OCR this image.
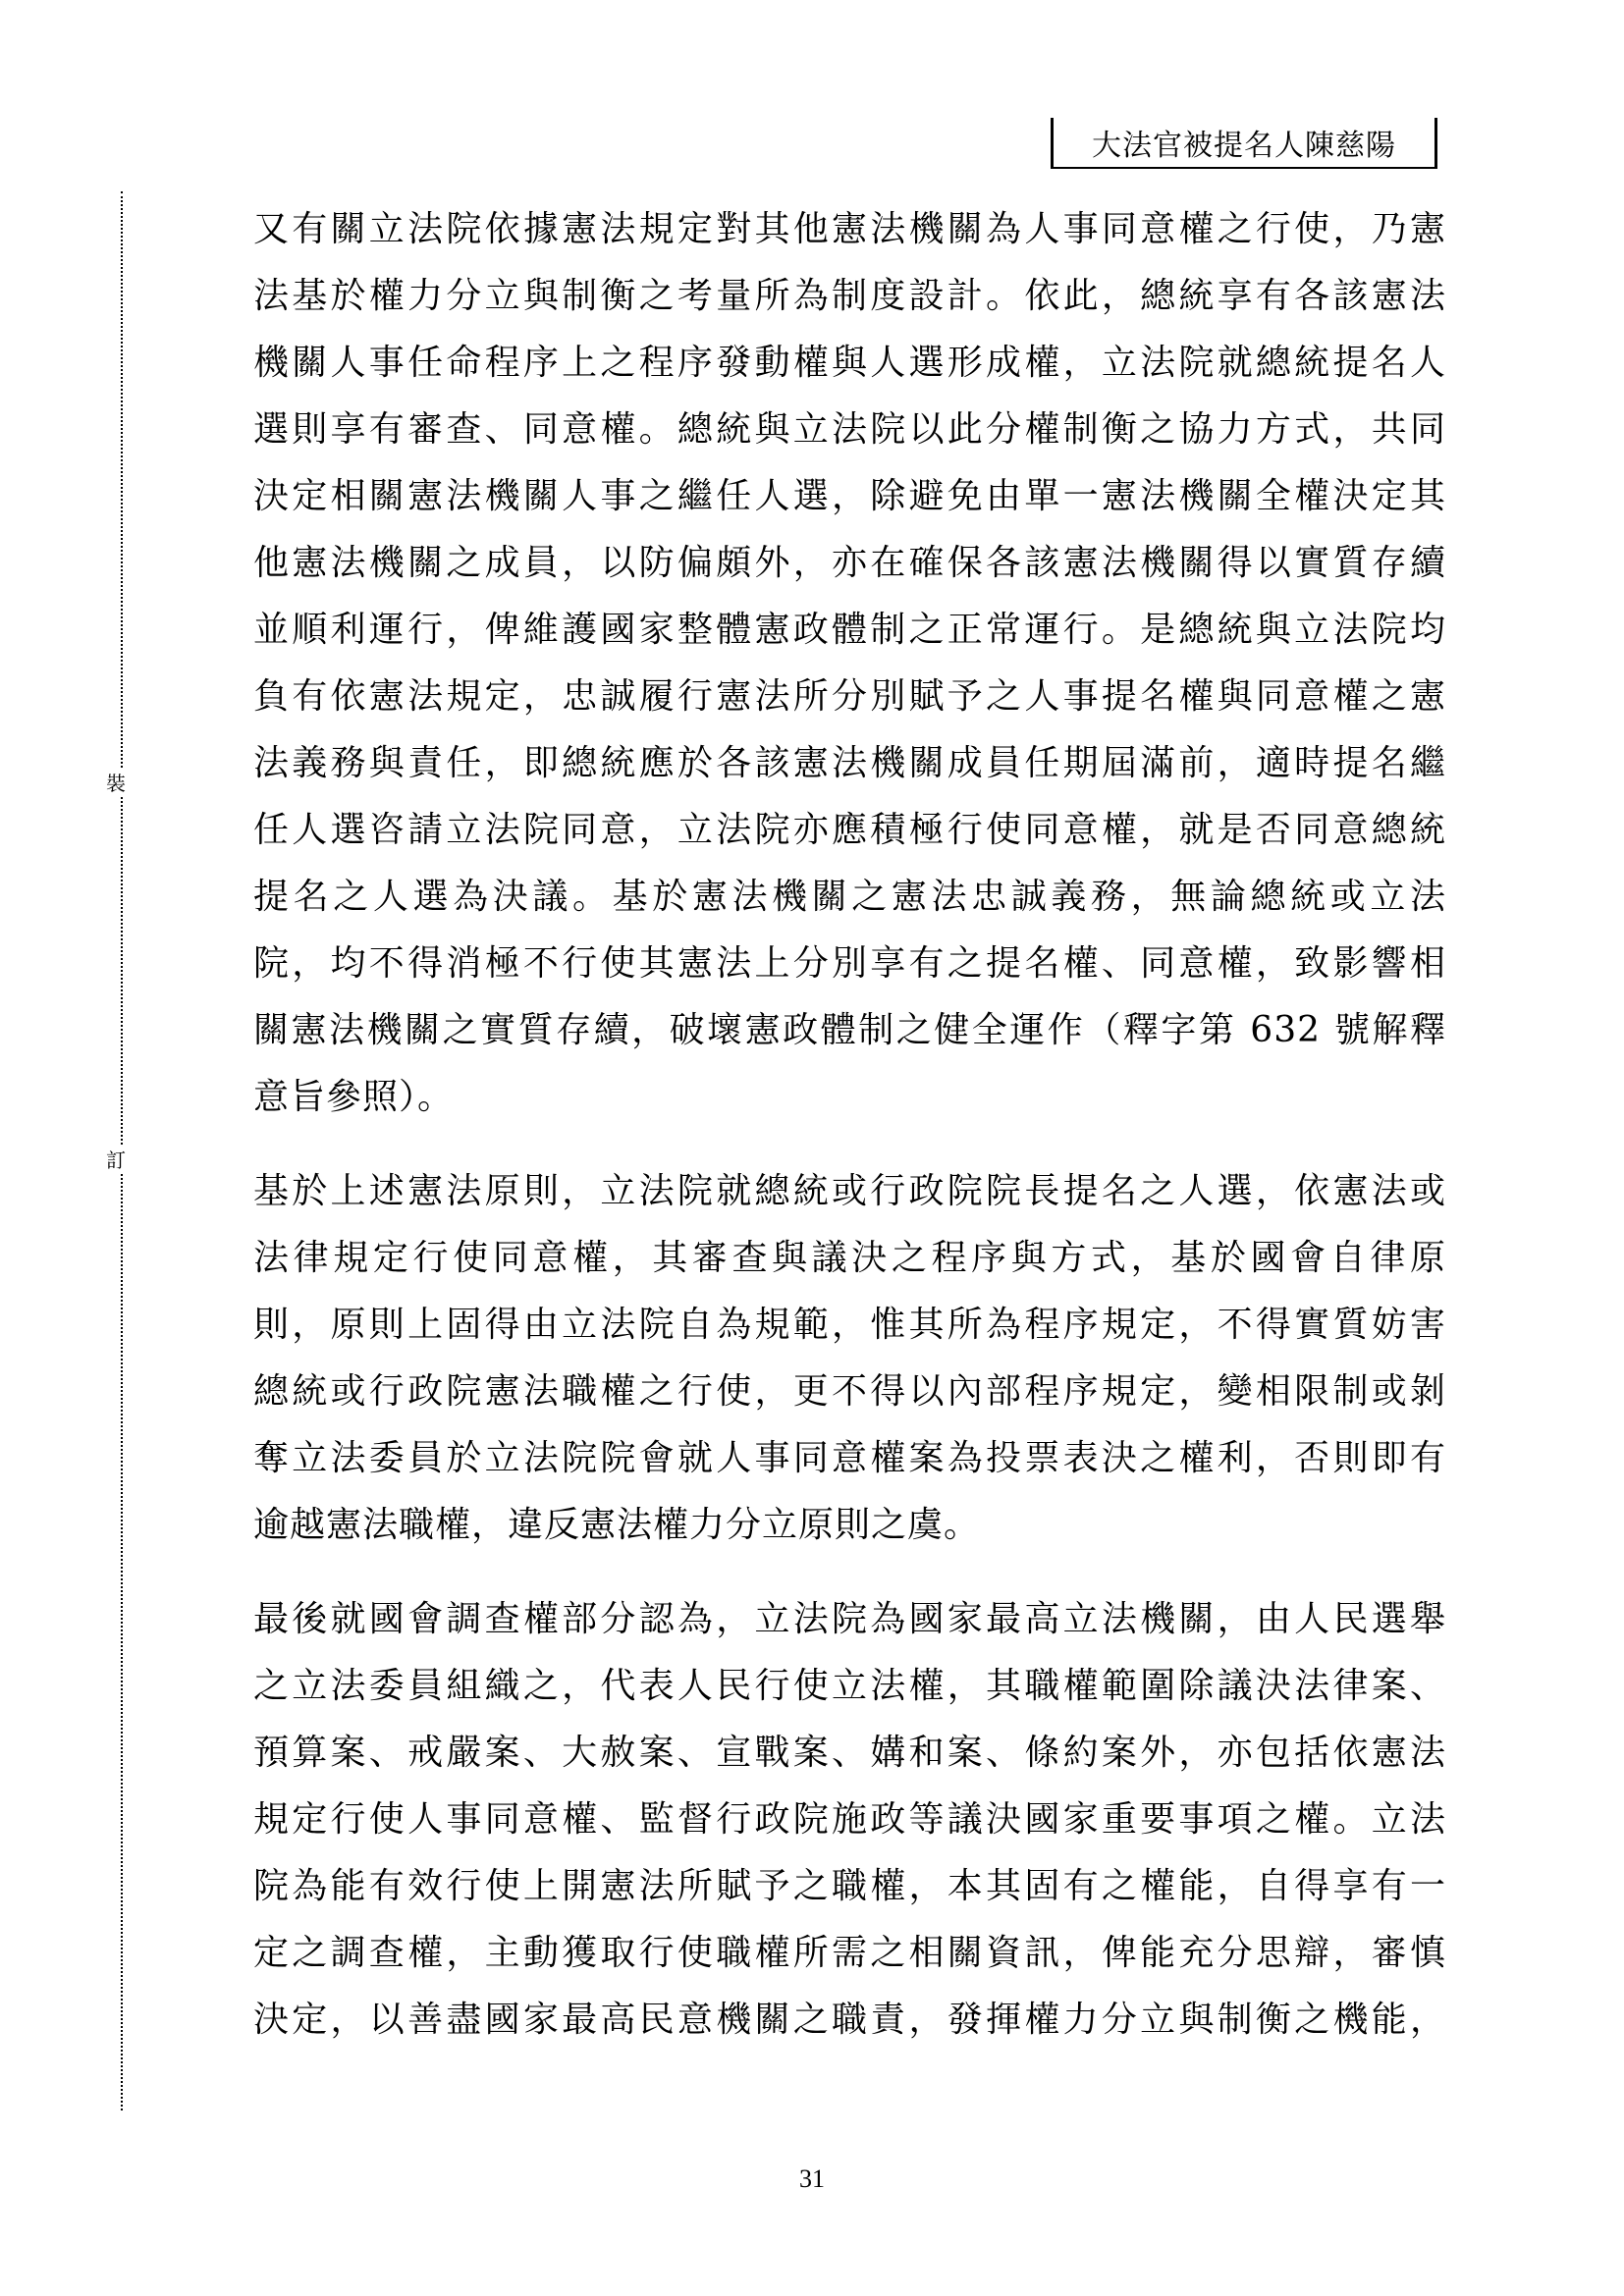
大法官被提名人陳慈陽
裝
訂
又有關立法院依據憲法規定對其他憲法機關為人事同意權之行使，乃憲
法基於權力分立與制衡之考量所為制度設計。依此，總統享有各該憲法
機關人事任命程序上之程序發動權與人選形成權，立法院就總統提名人
選則享有審查、同意權。總統與立法院以此分權制衡之協力方式，共同
決定相關憲法機關人事之繼任人選，除避免由單一憲法機關全權決定其
他憲法機關之成員，以防偏頗外，亦在確保各該憲法機關得以實質存續
並順利運行，俾維護國家整體憲政體制之正常運行。是總統與立法院均
負有依憲法規定，忠誠履行憲法所分別賦予之人事提名權與同意權之憲
法義務與責任，即總統應於各該憲法機關成員任期屆滿前，適時提名繼
任人選咨請立法院同意，立法院亦應積極行使同意權，就是否同意總統
提名之人選為決議。基於憲法機關之憲法忠誠義務，無論總統或立法
院，均不得消極不行使其憲法上分別享有之提名權、同意權，致影響相
關憲法機關之實質存續，破壞憲政體制之健全運作（釋字第 632 號解釋
意旨參照）。
基於上述憲法原則，立法院就總統或行政院院長提名之人選，依憲法或
法律規定行使同意權，其審查與議決之程序與方式，基於國會自律原
則，原則上固得由立法院自為規範，惟其所為程序規定，不得實質妨害
總統或行政院憲法職權之行使，更不得以內部程序規定，變相限制或剝
奪立法委員於立法院院會就人事同意權案為投票表決之權利，否則即有
逾越憲法職權，違反憲法權力分立原則之虞。
最後就國會調查權部分認為，立法院為國家最高立法機關，由人民選舉
之立法委員組織之，代表人民行使立法權，其職權範圍除議決法律案、
預算案、戒嚴案、大赦案、宣戰案、媾和案、條約案外，亦包括依憲法
規定行使人事同意權、監督行政院施政等議決國家重要事項之權。立法
院為能有效行使上開憲法所賦予之職權，本其固有之權能，自得享有一
定之調查權，主動獲取行使職權所需之相關資訊，俾能充分思辯，審慎
決定，以善盡國家最高民意機關之職責，發揮權力分立與制衡之機能，
31
